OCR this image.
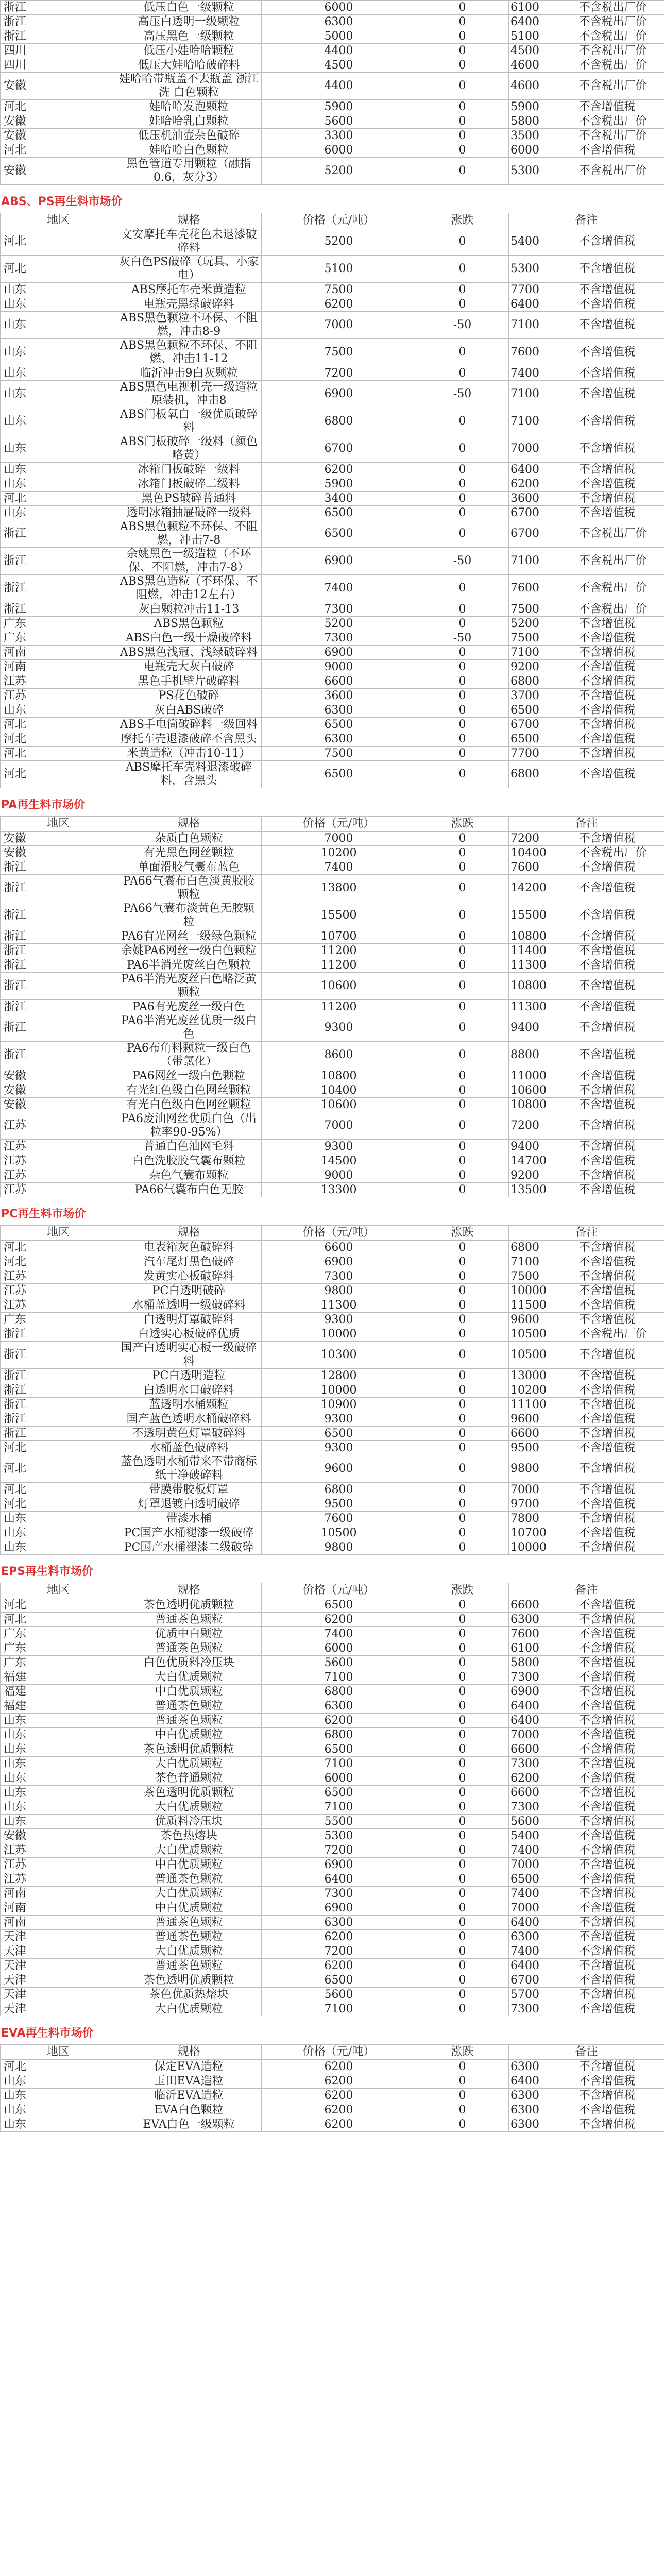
浙江	低压白色一级颗粒	6000	0	6100 不含税出厂价
浙江	高压白透明一级颗粒	6300	0	6400 不含税出厂价
浙江	高压黑色一级颗粒	5000	0	5100 不含税出厂价
四川	低压小娃哈哈颗粒	4400	0	4500 不含税出厂价
四川	低压大娃哈哈破碎料	4500	0	4600 不含税出厂价
安徽	娃哈哈带瓶盖不去瓶盖 浙江洗 白色颗粒	4400	0	4600 不含税出厂价
河北	娃哈哈发泡颗粒	5900	0	5900 不含增值税
安徽	娃哈哈乳白颗粒	5600	0	5800 不含税出厂价
安徽	低压机油壶杂色破碎	3300	0	3500 不含税出厂价
河北	娃哈哈白色颗粒	6000	0	6000 不含增值税
安徽	黑色管道专用颗粒（融指 0.6，灰分3）	5200	0	5300 不含税出厂价
ABS、PS再生料市场价
地区	规格	价格（元/吨）	涨跌	备注
河北	文安摩托车壳花色未退漆破碎料	5200	0	5400 不含增值税
河北	灰白色PS破碎（玩具、小家电）	5100	0	5300 不含增值税
山东	ABS摩托车壳米黄造粒	7500	0	7700 不含增值税
山东	电瓶壳黑绿破碎料	6200	0	6400 不含增值税
山东	ABS黑色颗粒不环保、不阻燃，冲击8-9	7000	-50	7100 不含增值税
山东	ABS黑色颗粒不环保、不阻燃、冲击11-12	7500	0	7600 不含增值税
山东	临沂冲击9白灰颗粒	7200	0	7400 不含增值税
山东	ABS黑色电视机壳一级造粒原装机，冲击8	6900	-50	7100 不含增值税
山东	ABS门板氧白一级优质破碎料	6800	0	7100 不含增值税
山东	ABS门板破碎一级料（颜色略黄）	6700	0	7000 不含增值税
山东	冰箱门板破碎一级料	6200	0	6400 不含增值税
山东	冰箱门板破碎二级料	5900	0	6200 不含增值税
河北	黑色PS破碎普通料	3400	0	3600 不含增值税
山东	透明冰箱抽屉破碎一级料	6500	0	6700 不含增值税
浙江	ABS黑色颗粒不环保、不阻燃，冲击7-8	6500	0	6700 不含税出厂价
浙江	余姚黑色一级造粒（不环保、不阻燃，冲击7-8）	6900	-50	7100 不含税出厂价
浙江	ABS黑色造粒（不环保、不阻燃，冲击12左右）	7400	0	7600 不含税出厂价
浙江	灰白颗粒冲击11-13	7300	0	7500 不含税出厂价
广东	ABS黑色颗粒	5200	0	5200 不含增值税
广东	ABS白色一级干燥破碎料	7300	-50	7500 不含增值税
河南	ABS黑色浅冠、浅绿破碎料	6900	0	7100 不含增值税
河南	电瓶壳大灰白破碎	9000	0	9200 不含增值税
江苏	黑色手机壁片破碎料	6600	0	6800 不含增值税
江苏	PS花色破碎	3600	0	3700 不含增值税
山东	灰白ABS破碎	6300	0	6500 不含增值税
河北	ABS手电筒破碎料一级回料	6500	0	6700 不含增值税
河北	摩托车壳退漆破碎不含黑头	6300	0	6500 不含增值税
河北	米黄造粒（冲击10-11）	7500	0	7700 不含增值税
河北	ABS摩托车壳料退漆破碎料，含黑头	6500	0	6800 不含增值税
PA再生料市场价
地区	规格	价格（元/吨）	涨跌	备注
安徽	杂质白色颗粒	7000	0	7200 不含增值税
安徽	有光黑色网丝颗粒	10200	0	10400 不含税出厂价
浙江	单面滑胶气囊布蓝色	7400	0	7600 不含增值税
浙江	PA66气囊布白色淡黄胶胶颗粒	13800	0	14200 不含增值税
浙江	PA66气囊布淡黄色无胶颗粒	15500	0	15500 不含增值税
浙江	PA6有光网丝一级绿色颗粒	10700	0	10800 不含增值税
浙江	余姚PA6网丝一级白色颗粒	11200	0	11400 不含增值税
浙江	PA6半消光废丝白色颗粒	11200	0	11300 不含增值税
浙江	PA6半消光废丝白色略泛黄颗粒	10600	0	10800 不含增值税
浙江	PA6有光废丝一级白色	11200	0	11300 不含增值税
浙江	PA6半消光废丝优质一级白色	9300	0	9400 不含增值税
浙江	PA6布角料颗粒一级白色（带氯化）	8600	0	8800 不含增值税
安徽	PA6网丝一级白色颗粒	10800	0	11000 不含增值税
安徽	有光红色级白色网丝颗粒	10400	0	10600 不含增值税
安徽	有光白色级白色网丝颗粒	10600	0	10800 不含增值税
江苏	PA6废油网丝优质白色（出粒率90-95%）	7000	0	7200 不含增值税
江苏	普通白色油网毛料	9300	0	9400 不含增值税
江苏	白色洗胶胶气囊布颗粒	14500	0	14700 不含增值税
江苏	杂色气囊布颗粒	9000	0	9200 不含增值税
江苏	PA66气囊布白色无胶	13300	0	13500 不含增值税
PC再生料市场价
地区	规格	价格（元/吨）	涨跌	备注
河北	电表箱灰色破碎料	6600	0	6800 不含增值税
河北	汽车尾灯黑色破碎	6900	0	7100 不含增值税
江苏	发黄实心板破碎料	7300	0	7500 不含增值税
江苏	PC白透明破碎	9800	0	10000 不含增值税
江苏	水桶蓝透明一级破碎料	11300	0	11500 不含增值税
广东	白透明灯罩破碎料	9300	0	9600 不含增值税
浙江	白透实心板破碎优质	10000	0	10500 不含税出厂价
浙江	国产白透明实心板一级破碎料	10300	0	10500 不含增值税
浙江	PC白透明造粒	12800	0	13000 不含增值税
浙江	白透明水口破碎料	10000	0	10200 不含增值税
浙江	蓝透明水桶颗粒	10900	0	11100 不含增值税
浙江	国产蓝色透明水桶破碎料	9300	0	9600 不含增值税
浙江	不透明黄色灯罩破碎料	6500	0	6600 不含增值税
河北	水桶蓝色破碎料	9300	0	9500 不含增值税
河北	蓝色透明水桶带来不带商标纸干净破碎料	9600	0	9800 不含增值税
河北	带膜带胶板灯罩	6800	0	7000 不含增值税
河北	灯罩退镀白透明破碎	9500	0	9700 不含增值税
山东	带漆水桶	7600	0	7800 不含增值税
山东	PC国产水桶褪漆一级破碎	10500	0	10700 不含增值税
山东	PC国产水桶褪漆二级破碎	9800	0	10000 不含增值税
EPS再生料市场价
地区	规格	价格（元/吨）	涨跌	备注
河北	茶色透明优质颗粒	6500	0	6600 不含增值税
河北	普通茶色颗粒	6200	0	6300 不含增值税
广东	优质中白颗粒	7400	0	7600 不含增值税
广东	普通茶色颗粒	6000	0	6100 不含增值税
广东	白色优质料冷压块	5600	0	5800 不含增值税
福建	大白优质颗粒	7100	0	7300 不含增值税
福建	中白优质颗粒	6800	0	6900 不含增值税
福建	普通茶色颗粒	6300	0	6400 不含增值税
山东	普通茶色颗粒	6200	0	6400 不含增值税
山东	中白优质颗粒	6800	0	7000 不含增值税
山东	茶色透明优质颗粒	6500	0	6600 不含增值税
山东	大白优质颗粒	7100	0	7300 不含增值税
山东	茶色普通颗粒	6000	0	6200 不含增值税
山东	茶色透明优质颗粒	6500	0	6600 不含增值税
山东	大白优质颗粒	7100	0	7300 不含增值税
山东	优质料冷压块	5500	0	5600 不含增值税
安徽	茶色热熔块	5300	0	5400 不含增值税
江苏	大白优质颗粒	7200	0	7400 不含增值税
江苏	中白优质颗粒	6900	0	7000 不含增值税
江苏	普通茶色颗粒	6400	0	6500 不含增值税
河南	大白优质颗粒	7300	0	7400 不含增值税
河南	中白优质颗粒	6900	0	7000 不含增值税
河南	普通茶色颗粒	6300	0	6400 不含增值税
天津	普通茶色颗粒	6200	0	6300 不含增值税
天津	大白优质颗粒	7200	0	7400 不含增值税
天津	普通茶色颗粒	6200	0	6400 不含增值税
天津	茶色透明优质颗粒	6500	0	6700 不含增值税
天津	茶色优质热熔块	5600	0	5700 不含增值税
天津	大白优质颗粒	7100	0	7300 不含增值税
EVA再生料市场价
地区	规格	价格（元/吨）	涨跌	备注
河北	保定EVA造粒	6200	0	6300 不含增值税
山东	玉田EVA造粒	6200	0	6400 不含增值税
山东	临沂EVA造粒	6200	0	6300 不含增值税
山东	EVA白色颗粒	6200	0	6300 不含增值税
山东	EVA白色一级颗粒	6200	0	6300 不含增值税
